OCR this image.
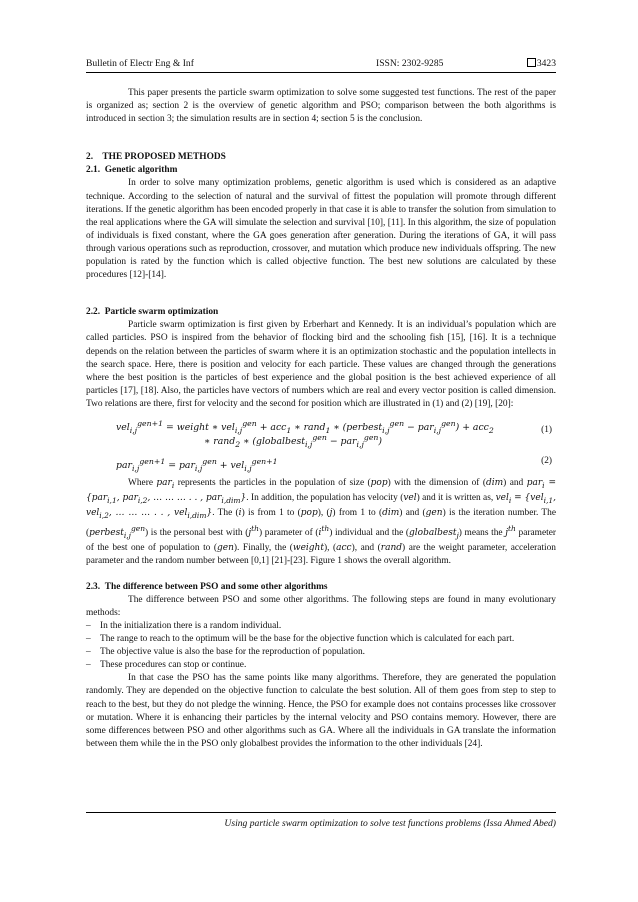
Bulletin of Electr Eng & Inf	ISSN: 2302-9285	3423

This paper presents the particle swarm optimization to solve some suggested test functions. The rest of the paper is organized as; section 2 is the overview of genetic algorithm and PSO; comparison between the both algorithms is introduced in section 3; the simulation results are in section 4; section 5 is the conclusion.

2.    THE PROPOSED METHODS

2.1.  Genetic algorithm

In order to solve many optimization problems, genetic algorithm is used which is considered as an adaptive technique. According to the selection of natural and the survival of fittest the population will promote through different iterations. If the genetic algorithm has been encoded properly in that case it is able to transfer the solution from simulation to the real applications where the GA will simulate the selection and survival [10], [11]. In this algorithm, the size of population of individuals is fixed constant, where the GA goes generation after generation. During the iterations of GA, it will pass through various operations such as reproduction, crossover, and mutation which produce new individuals offspring. The new population is rated by the function which is called objective function. The best new solutions are calculated by these procedures [12]-[14].

2.2.  Particle swarm optimization

Particle swarm optimization is first given by Erberhart and Kennedy. It is an individual’s population which are called particles. PSO is inspired from the behavior of flocking bird and the schooling fish [15], [16]. It is a technique depends on the relation between the particles of swarm where it is an optimization stochastic and the population intellects in the search space. Here, there is position and velocity for each particle. These values are changed through the generations where the best position is the particles of best experience and the global position is the best achieved experience of all particles [17], [18]. Also, the particles have vectors of numbers which are real and every vector position is called dimension. Two relations are there, first for velocity and the second for position which are illustrated in (1) and (2) [19], [20]:

vel$_{i,j}^{gen+1}$ = weight ∗ vel$_{i,j}^{gen}$ + acc$_1$ ∗ rand$_1$ ∗ (perbest$_{i,j}^{gen}$ − par$_{i,j}^{gen}$) + acc$_2$
∗ rand$_2$ ∗ (globalbest$_{i,j}^{gen}$ − par$_{i,j}^{gen}$)
(1)
par$_{i,j}^{gen+1}$ = par$_{i,j}^{gen}$ + vel$_{i,j}^{gen+1}$	(2)

Where par$_i$ represents the particles in the population of size (pop) with the dimension of (dim) and par$_i$ = {par$_{i,1}$, par$_{i,2}$, … … … . . , par$_{i,dim}$}. In addition, the population has velocity (vel) and it is written as, vel$_i$ = {vel$_{i,1}$, vel$_{i,2}$, … … … . . , vel$_{i,dim}$}. The (i) is from 1 to (pop), (j) from 1 to (dim) and (gen) is the iteration number. The (perbest$_{i,j}^{gen}$) is the personal best with $(j^{th})$ parameter of $(i^{th})$ individual and the (globalbest$_j$) means the $j^{th}$ parameter of the best one of population to (gen). Finally, the (weight), (acc), and (rand) are the weight parameter, acceleration parameter and the random number between [0,1] [21]-[23]. Figure 1 shows the overall algorithm.

2.3.  The difference between PSO and some other algorithms

The difference between PSO and some other algorithms. The following steps are found in many evolutionary methods:

– In the initialization there is a random individual.
– The range to reach to the optimum will be the base for the objective function which is calculated for each part.
– The objective value is also the base for the reproduction of population.
– These procedures can stop or continue.

In that case the PSO has the same points like many algorithms. Therefore, they are generated the population randomly. They are depended on the objective function to calculate the best solution. All of them goes from step to step to reach to the best, but they do not pledge the winning. Hence, the PSO for example does not contains processes like crossover or mutation. Where it is enhancing their particles by the internal velocity and PSO contains memory. However, there are some differences between PSO and other algorithms such as GA. Where all the individuals in GA translate the information between them while the in the PSO only globalbest provides the information to the other individuals [24].

Using particle swarm optimization to solve test functions problems (Issa Ahmed Abed)
